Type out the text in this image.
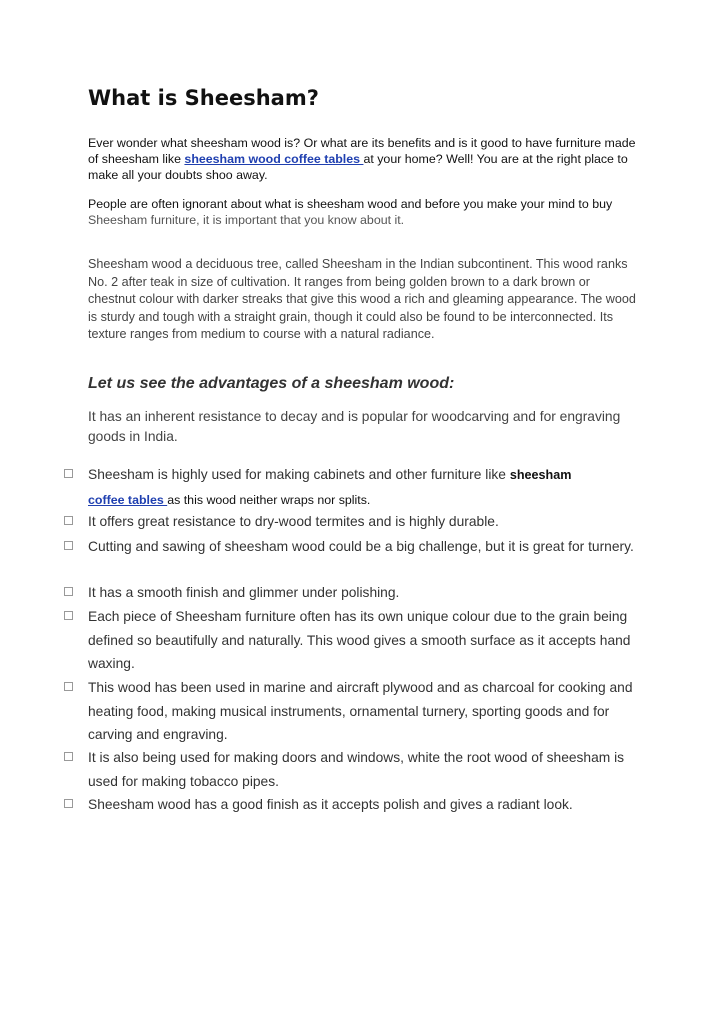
What is Sheesham?

Ever wonder what sheesham wood is? Or what are its benefits and is it good to have furniture made of sheesham like sheesham wood coffee tables at your home? Well! You are at the right place to make all your doubts shoo away.

People are often ignorant about what is sheesham wood and before you make your mind to buy Sheesham furniture, it is important that you know about it.

Sheesham wood a deciduous tree, called Sheesham in the Indian subcontinent. This wood ranks No. 2 after teak in size of cultivation. It ranges from being golden brown to a dark brown or chestnut colour with darker streaks that give this wood a rich and gleaming appearance. The wood is sturdy and tough with a straight grain, though it could also be found to be interconnected. Its texture ranges from medium to course with a natural radiance.

Let us see the advantages of a sheesham wood:

It has an inherent resistance to decay and is popular for woodcarving and for engraving goods in India.

Sheesham is highly used for making cabinets and other furniture like sheesham
coffee tables as this wood neither wraps nor splits.
It offers great resistance to dry-wood termites and is highly durable.
Cutting and sawing of sheesham wood could be a big challenge, but it is great for turnery.
It has a smooth finish and glimmer under polishing.
Each piece of Sheesham furniture often has its own unique colour due to the grain being defined so beautifully and naturally. This wood gives a smooth surface as it accepts hand waxing.
This wood has been used in marine and aircraft plywood and as charcoal for cooking and heating food, making musical instruments, ornamental turnery, sporting goods and for carving and engraving.
It is also being used for making doors and windows, white the root wood of sheesham is used for making tobacco pipes.
Sheesham wood has a good finish as it accepts polish and gives a radiant look.
